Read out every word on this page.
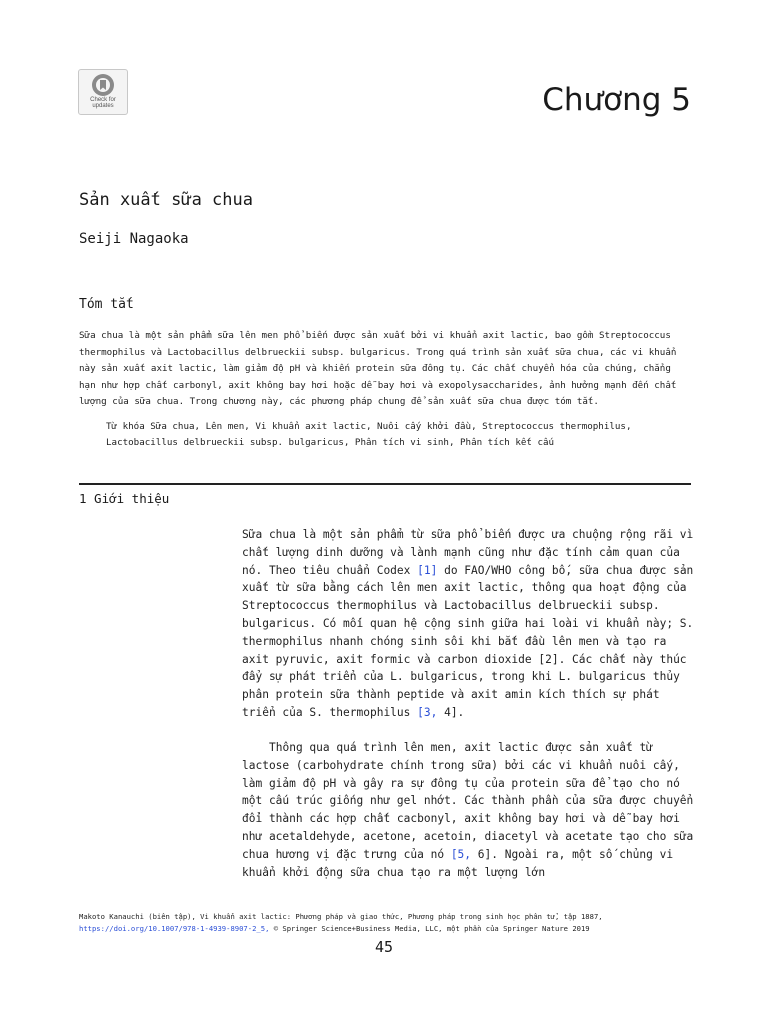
Check for
updates	Chương 5
Sản xuất sữa chua
Seiji Nagaoka
Tóm tắt

Sữa chua là một sản phẩm sữa lên men phổ biến được sản xuất bởi vi khuẩn axit lactic, bao gồm Streptococcus thermophilus và Lactobacillus delbrueckii subsp. bulgaricus. Trong quá trình sản xuất sữa chua, các vi khuẩn này sản xuất axit lactic, làm giảm độ pH và khiến protein sữa đông tụ. Các chất chuyển hóa của chúng, chẳng hạn như hợp chất carbonyl, axit không bay hơi hoặc dễ bay hơi và exopolysaccharides, ảnh hưởng mạnh đến chất lượng của sữa chua. Trong chương này, các phương pháp chung để sản xuất sữa chua được tóm tắt.

Từ khóa Sữa chua, Lên men, Vi khuẩn axit lactic, Nuôi cấy khởi đầu, Streptococcus thermophilus, Lactobacillus delbrueckii subsp. bulgaricus, Phân tích vi sinh, Phân tích kết cấu

1 Giới thiệu

Sữa chua là một sản phẩm từ sữa phổ biến được ưa chuộng rộng rãi vì chất lượng dinh dưỡng và lành mạnh cũng như đặc tính cảm quan của nó. Theo tiêu chuẩn Codex [1] do FAO/WHO công bố, sữa chua được sản xuất từ sữa bằng cách lên men axit lactic, thông qua hoạt động của Streptococcus thermophilus và Lactobacillus delbrueckii subsp. bulgaricus. Có mối quan hệ cộng sinh giữa hai loài vi khuẩn này; S. thermophilus nhanh chóng sinh sôi khi bắt đầu lên men và tạo ra axit pyruvic, axit formic và carbon dioxide [2]. Các chất này thúc đẩy sự phát triển của L. bulgaricus, trong khi L. bulgaricus thủy phân protein sữa thành peptide và axit amin kích thích sự phát triển của S. thermophilus [3, 4].

Thông qua quá trình lên men, axit lactic được sản xuất từ lactose (carbohydrate chính trong sữa) bởi các vi khuẩn nuôi cấy, làm giảm độ pH và gây ra sự đông tụ của protein sữa để tạo cho nó một cấu trúc giống như gel nhớt. Các thành phần của sữa được chuyển đổi thành các hợp chất cacbonyl, axit không bay hơi và dễ bay hơi như acetaldehyde, acetone, acetoin, diacetyl và acetate tạo cho sữa chua hương vị đặc trưng của nó [5, 6]. Ngoài ra, một số chủng vi khuẩn khởi động sữa chua tạo ra một lượng lớn

Makoto Kanauchi (biên tập), Vi khuẩn axit lactic: Phương pháp và giao thức, Phương pháp trong sinh học phân tử, tập 1887, https://doi.org/10.1007/978-1-4939-8907-2_5, © Springer Science+Business Media, LLC, một phần của Springer Nature 2019

45
